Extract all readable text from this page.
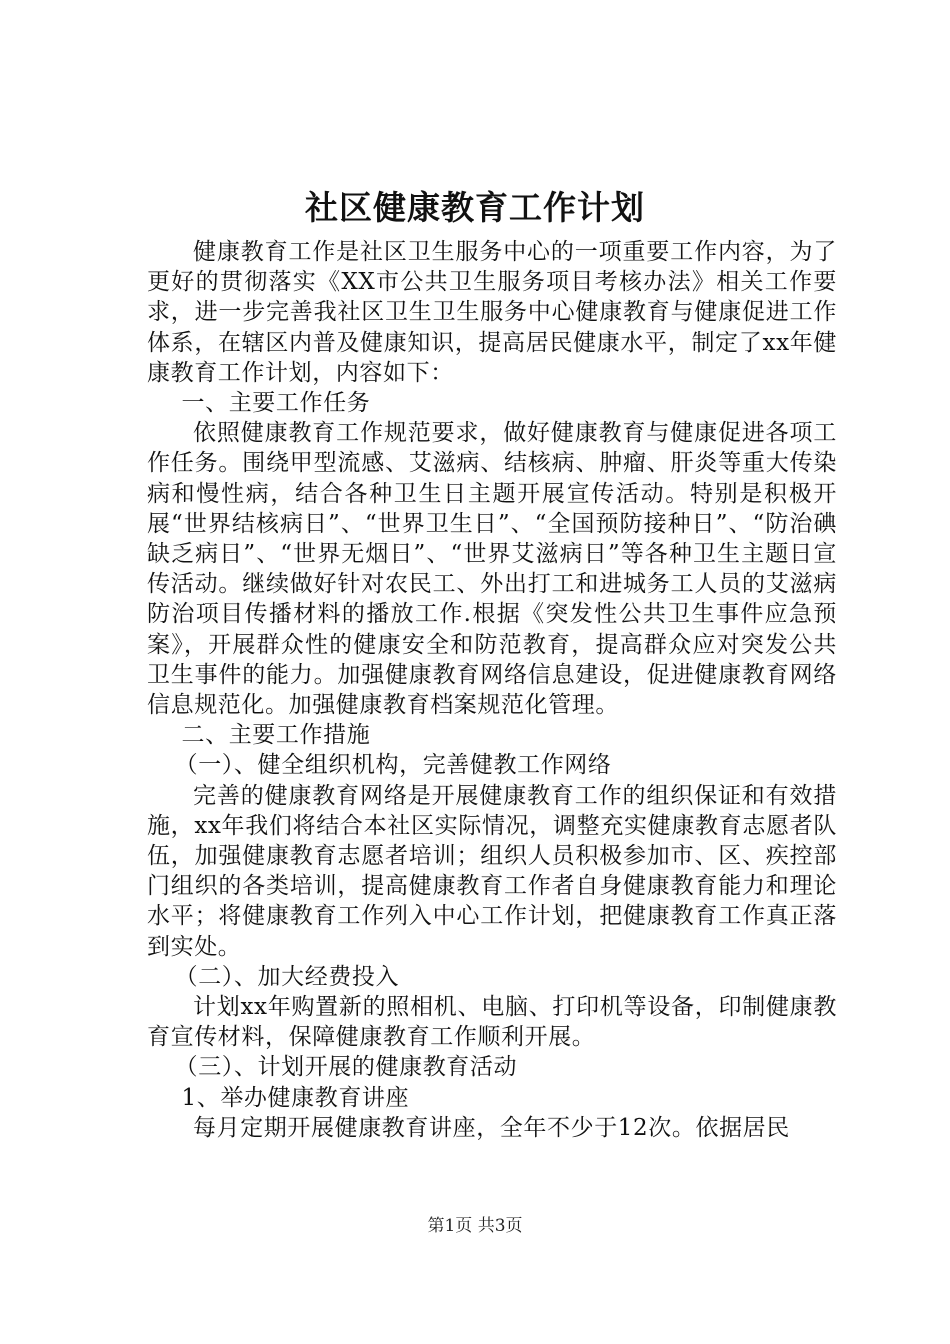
社区健康教育工作计划

健康教育工作是社区卫生服务中心的一项重要工作内容，为了更好的贯彻落实《XX市公共卫生服务项目考核办法》相关工作要求，进一步完善我社区卫生卫生服务中心健康教育与健康促进工作体系，在辖区内普及健康知识，提高居民健康水平，制定了xx年健康教育工作计划，内容如下：

一、主要工作任务

依照健康教育工作规范要求，做好健康教育与健康促进各项工作任务。围绕甲型流感、艾滋病、结核病、肿瘤、肝炎等重大传染病和慢性病，结合各种卫生日主题开展宣传活动。特别是积极开展“世界结核病日”、“世界卫生日”、“全国预防接种日”、“防治碘缺乏病日”、“世界无烟日”、“世界艾滋病日”等各种卫生主题日宣传活动。继续做好针对农民工、外出打工和进城务工人员的艾滋病防治项目传播材料的播放工作.根据《突发性公共卫生事件应急预案》，开展群众性的健康安全和防范教育，提高群众应对突发公共卫生事件的能力。加强健康教育网络信息建设，促进健康教育网络信息规范化。加强健康教育档案规范化管理。

二、主要工作措施

（一）、健全组织机构，完善健教工作网络

完善的健康教育网络是开展健康教育工作的组织保证和有效措施，xx年我们将结合本社区实际情况，调整充实健康教育志愿者队伍，加强健康教育志愿者培训；组织人员积极参加市、区、疾控部门组织的各类培训，提高健康教育工作者自身健康教育能力和理论水平；将健康教育工作列入中心工作计划，把健康教育工作真正落到实处。

（二）、加大经费投入

计划xx年购置新的照相机、电脑、打印机等设备，印制健康教育宣传材料，保障健康教育工作顺利开展。

（三）、计划开展的健康教育活动

1、举办健康教育讲座

每月定期开展健康教育讲座，全年不少于12次。依据居民

第1页 共3页
